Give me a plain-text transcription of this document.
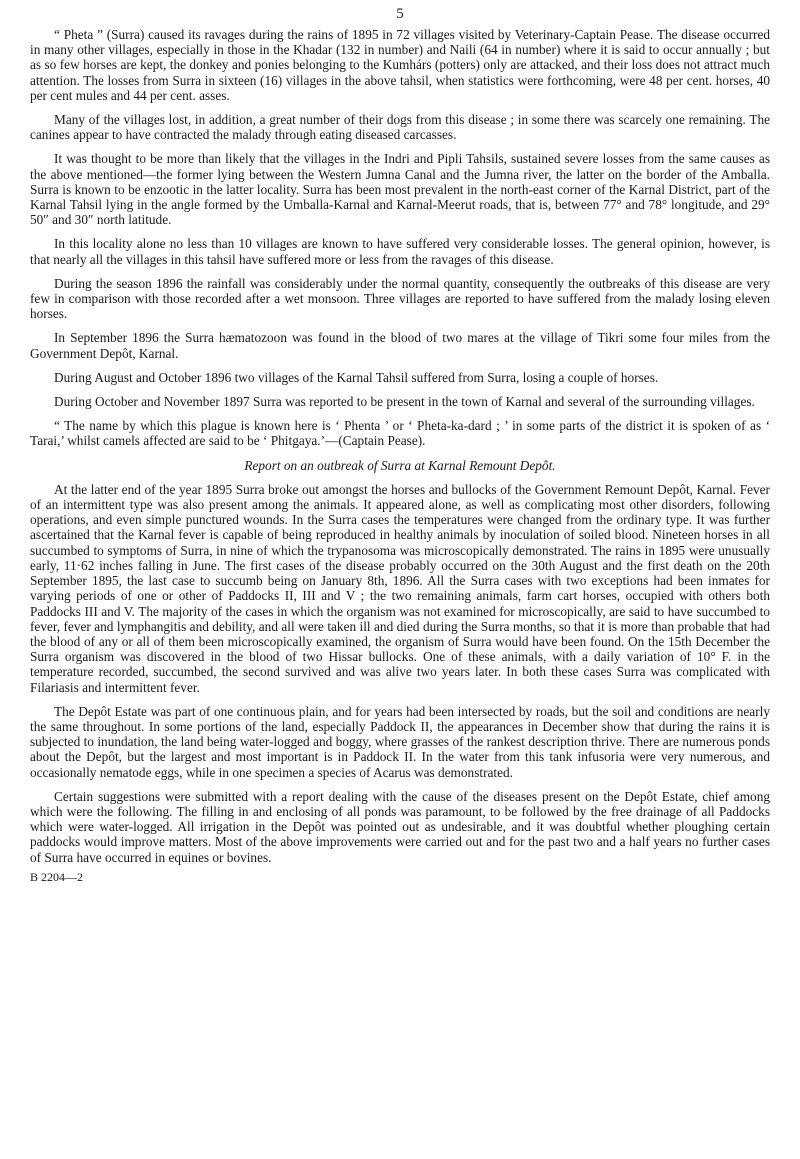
5

“ Pheta ” (Surra) caused its ravages during the rains of 1895 in 72 villages visited by Veterinary-Captain Pease. The disease occurred in many other villages, especially in those in the Khadar (132 in number) and Naili (64 in number) where it is said to occur annually ; but as so few horses are kept, the donkey and ponies belonging to the Kumhárs (potters) only are attacked, and their loss does not attract much attention. The losses from Surra in sixteen (16) villages in the above tahsil, when statistics were forthcoming, were 48 per cent. horses, 40 per cent mules and 44 per cent. asses.

Many of the villages lost, in addition, a great number of their dogs from this disease ; in some there was scarcely one remaining. The canines appear to have contracted the malady through eating diseased carcasses.

It was thought to be more than likely that the villages in the Indri and Pipli Tahsils, sustained severe losses from the same causes as the above mentioned—the former lying between the Western Jumna Canal and the Jumna river, the latter on the border of the Amballa. Surra is known to be enzootic in the latter locality. Surra has been most prevalent in the north-east corner of the Karnal District, part of the Karnal Tahsil lying in the angle formed by the Umballa-Karnal and Karnal-Meerut roads, that is, between 77° and 78° longitude, and 29° 50″ and 30″ north latitude.

In this locality alone no less than 10 villages are known to have suffered very considerable losses. The general opinion, however, is that nearly all the villages in this tahsil have suffered more or less from the ravages of this disease.

During the season 1896 the rainfall was considerably under the normal quantity, consequently the outbreaks of this disease are very few in comparison with those recorded after a wet monsoon. Three villages are reported to have suffered from the malady losing eleven horses.

In September 1896 the Surra hæmatozoon was found in the blood of two mares at the village of Tikri some four miles from the Government Depôt, Karnal.

During August and October 1896 two villages of the Karnal Tahsil suffered from Surra, losing a couple of horses.

During October and November 1897 Surra was reported to be present in the town of Karnal and several of the surrounding villages.

“ The name by which this plague is known here is ‘ Phenta ’ or ‘ Pheta-ka-dard ; ’ in some parts of the district it is spoken of as ‘ Tarai,’ whilst camels affected are said to be ‘ Phitgaya.’—(Captain Pease).

Report on an outbreak of Surra at Karnal Remount Depôt.

At the latter end of the year 1895 Surra broke out amongst the horses and bullocks of the Government Remount Depôt, Karnal. Fever of an intermittent type was also present among the animals. It appeared alone, as well as complicating most other disorders, following operations, and even simple punctured wounds. In the Surra cases the temperatures were changed from the ordinary type. It was further ascertained that the Karnal fever is capable of being reproduced in healthy animals by inoculation of soiled blood. Nineteen horses in all succumbed to symptoms of Surra, in nine of which the trypanosoma was microscopically demonstrated. The rains in 1895 were unusually early, 11·62 inches falling in June. The first cases of the disease probably occurred on the 30th August and the first death on the 20th September 1895, the last case to succumb being on January 8th, 1896. All the Surra cases with two exceptions had been inmates for varying periods of one or other of Paddocks II, III and V ; the two remaining animals, farm cart horses, occupied with others both Paddocks III and V. The majority of the cases in which the organism was not examined for microscopically, are said to have succumbed to fever, fever and lymphangitis and debility, and all were taken ill and died during the Surra months, so that it is more than probable that had the blood of any or all of them been microscopically examined, the organism of Surra would have been found. On the 15th December the Surra organism was discovered in the blood of two Hissar bullocks. One of these animals, with a daily variation of 10° F. in the temperature recorded, succumbed, the second survived and was alive two years later. In both these cases Surra was complicated with Filariasis and intermittent fever.

The Depôt Estate was part of one continuous plain, and for years had been intersected by roads, but the soil and conditions are nearly the same throughout. In some portions of the land, especially Paddock II, the appearances in December show that during the rains it is subjected to inundation, the land being water-logged and boggy, where grasses of the rankest description thrive. There are numerous ponds about the Depôt, but the largest and most important is in Paddock II. In the water from this tank infusoria were very numerous, and occasionally nematode eggs, while in one specimen a species of Acarus was demonstrated.

Certain suggestions were submitted with a report dealing with the cause of the diseases present on the Depôt Estate, chief among which were the following. The filling in and enclosing of all ponds was paramount, to be followed by the free drainage of all Paddocks which were water-logged. All irrigation in the Depôt was pointed out as undesirable, and it was doubtful whether ploughing certain paddocks would improve matters. Most of the above improvements were carried out and for the past two and a half years no further cases of Surra have occurred in equines or bovines.

B 2204—2
